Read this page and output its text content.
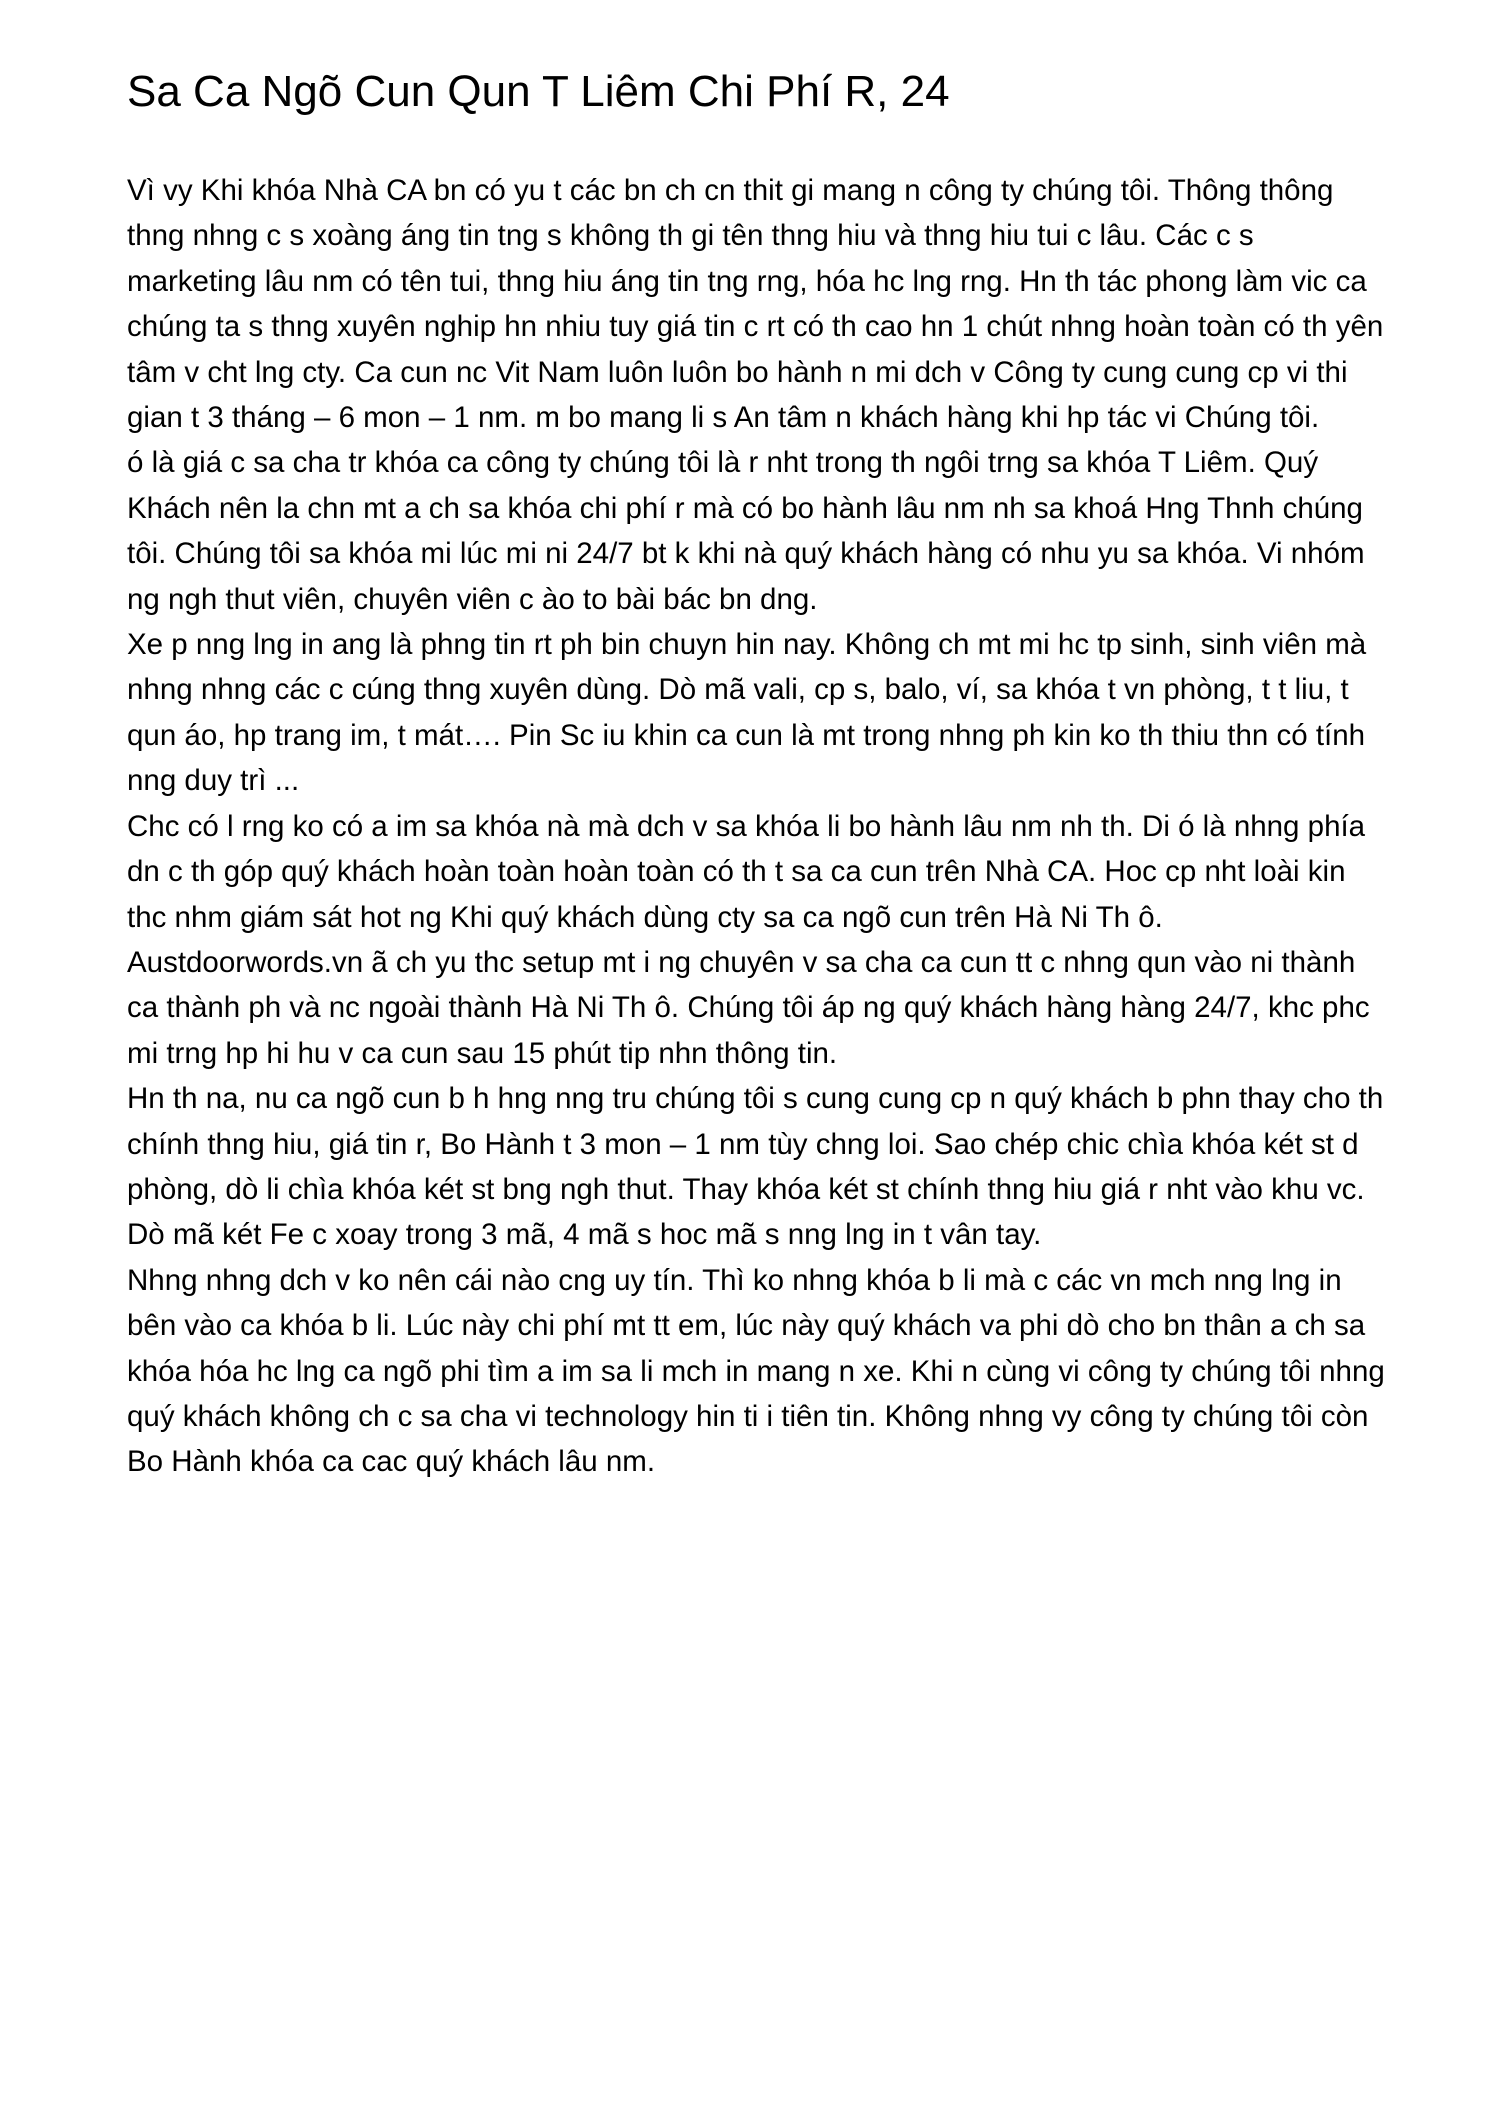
Sa Ca Ngõ Cun Qun T Liêm Chi Phí R, 24

Vì vy Khi khóa Nhà CA bn có yu t các bn ch cn thit gi mang n công ty chúng tôi. Thông thông thng nhng c s xoàng áng tin tng s không th gi tên thng hiu và thng hiu tui c lâu. Các c s marketing lâu nm có tên tui, thng hiu áng tin tng rng, hóa hc lng rng. Hn th tác phong làm vic ca chúng ta s thng xuyên nghip hn nhiu tuy giá tin c rt có th cao hn 1 chút nhng hoàn toàn có th yên tâm v cht lng cty. Ca cun nc Vit Nam luôn luôn bo hành n mi dch v Công ty cung cung cp vi thi gian t 3 tháng – 6 mon – 1 nm. m bo mang li s An tâm n khách hàng khi hp tác vi Chúng tôi.

ó là giá c sa cha tr khóa ca công ty chúng tôi là r nht trong th ngôi trng sa khóa T Liêm. Quý Khách nên la chn mt a ch sa khóa chi phí r mà có bo hành lâu nm nh sa khoá Hng Thnh chúng tôi. Chúng tôi sa khóa mi lúc mi ni 24/7 bt k khi nà quý khách hàng có nhu yu sa khóa. Vi nhóm ng ngh thut viên, chuyên viên c ào to bài bác bn dng.

Xe p nng lng in ang là phng tin rt ph bin chuyn hin nay. Không ch mt mi hc tp sinh, sinh viên mà nhng nhng các c cúng thng xuyên dùng. Dò mã vali, cp s, balo, ví, sa khóa t vn phòng, t t liu, t qun áo, hp trang im, t mát…. Pin Sc iu khin ca cun là mt trong nhng ph kin ko th thiu thn có tính nng duy trì ...

Chc có l rng ko có a im sa khóa nà mà dch v sa khóa li bo hành lâu nm nh th. Di ó là nhng phía dn c th góp quý khách hoàn toàn hoàn toàn có th t sa ca cun trên Nhà CA. Hoc cp nht loài kin thc nhm giám sát hot ng Khi quý khách dùng cty sa ca ngõ cun trên Hà Ni Th ô. Austdoorwords.vn ã ch yu thc setup mt i ng chuyên v sa cha ca cun tt c nhng qun vào ni thành ca thành ph và nc ngoài thành Hà Ni Th ô. Chúng tôi áp ng quý khách hàng hàng 24/7, khc phc mi trng hp hi hu v ca cun sau 15 phút tip nhn thông tin.

Hn th na, nu ca ngõ cun b h hng nng tru chúng tôi s cung cung cp n quý khách b phn thay cho th chính thng hiu, giá tin r, Bo Hành t 3 mon – 1 nm tùy chng loi. Sao chép chic chìa khóa két st d phòng, dò li chìa khóa két st bng ngh thut. Thay khóa két st chính thng hiu giá r nht vào khu vc. Dò mã két Fe c xoay trong 3 mã, 4 mã s hoc mã s nng lng in t vân tay.

Nhng nhng dch v ko nên cái nào cng uy tín. Thì ko nhng khóa b li mà c các vn mch nng lng in bên vào ca khóa b li. Lúc này chi phí mt tt em, lúc này quý khách va phi dò cho bn thân a ch sa khóa hóa hc lng ca ngõ phi tìm a im sa li mch in mang n xe. Khi n cùng vi công ty chúng tôi nhng quý khách không ch c sa cha vi technology hin ti i tiên tin. Không nhng vy công ty chúng tôi còn Bo Hành khóa ca cac quý khách lâu nm.
